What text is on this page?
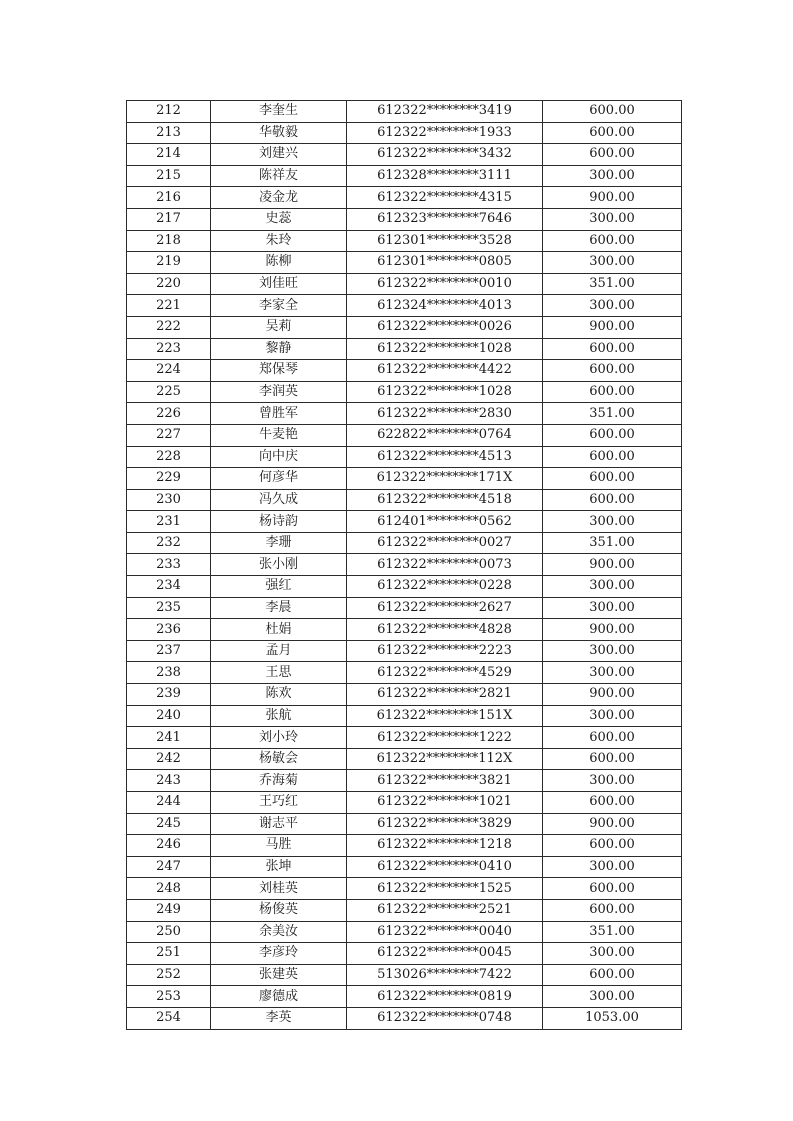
212	李奎生	612322********3419	600.00
213	华敬毅	612322********1933	600.00
214	刘建兴	612322********3432	600.00
215	陈祥友	612328********3111	300.00
216	凌金龙	612322********4315	900.00
217	史蕊	612323********7646	300.00
218	朱玲	612301********3528	600.00
219	陈柳	612301********0805	300.00
220	刘佳旺	612322********0010	351.00
221	李家全	612324********4013	300.00
222	吴莉	612322********0026	900.00
223	黎静	612322********1028	600.00
224	郑保琴	612322********4422	600.00
225	李润英	612322********1028	600.00
226	曾胜军	612322********2830	351.00
227	牛麦艳	622822********0764	600.00
228	向中庆	612322********4513	600.00
229	何彦华	612322********171X	600.00
230	冯久成	612322********4518	600.00
231	杨诗韵	612401********0562	300.00
232	李珊	612322********0027	351.00
233	张小刚	612322********0073	900.00
234	强红	612322********0228	300.00
235	李晨	612322********2627	300.00
236	杜娟	612322********4828	900.00
237	孟月	612322********2223	300.00
238	王思	612322********4529	300.00
239	陈欢	612322********2821	900.00
240	张航	612322********151X	300.00
241	刘小玲	612322********1222	600.00
242	杨敏会	612322********112X	600.00
243	乔海菊	612322********3821	300.00
244	王巧红	612322********1021	600.00
245	谢志平	612322********3829	900.00
246	马胜	612322********1218	600.00
247	张坤	612322********0410	300.00
248	刘桂英	612322********1525	600.00
249	杨俊英	612322********2521	600.00
250	余美汝	612322********0040	351.00
251	李彦玲	612322********0045	300.00
252	张建英	513026********7422	600.00
253	廖德成	612322********0819	300.00
254	李英	612322********0748	1053.00
